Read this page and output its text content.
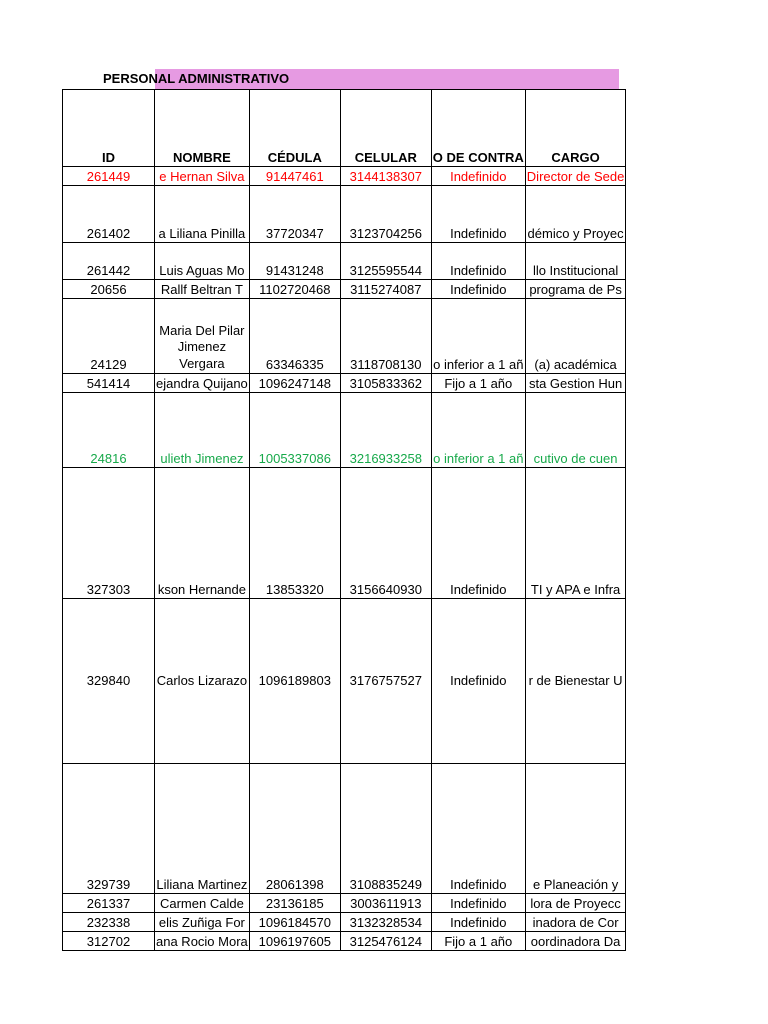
PERSONAL ADMINISTRATIVO
ID	NOMBRE	CÉDULA	CELULAR	O DE CONTRA	CARGO
261449	e Hernan Silva	91447461	3144138307	Indefinido	Director de Sede
261402	a Liliana Pinilla	37720347	3123704256	Indefinido	démico y Proyec
261442	Luis Aguas Mo	91431248	3125595544	Indefinido	llo Institucional
20656	Rallf Beltran T	1102720468	3115274087	Indefinido	programa de Ps
24129	Maria Del Pilar Jimenez Vergara	63346335	3118708130	o inferior a 1 añ	(a) académica
541414	ejandra Quijano	1096247148	3105833362	Fijo a 1 año	sta Gestion Hun
24816	ulieth Jimenez	1005337086	3216933258	o inferior a 1 añ	cutivo de cuen
327303	kson Hernande	13853320	3156640930	Indefinido	TI y APA e Infra
329840	Carlos Lizarazo	1096189803	3176757527	Indefinido	r de Bienestar U
329739	Liliana Martinez	28061398	3108835249	Indefinido	e Planeación y
261337	Carmen Calde	23136185	3003611913	Indefinido	lora de Proyecc
232338	elis Zuñiga For	1096184570	3132328534	Indefinido	inadora de Cor
312702	ana Rocio Mora	1096197605	3125476124	Fijo a 1 año	oordinadora Da
